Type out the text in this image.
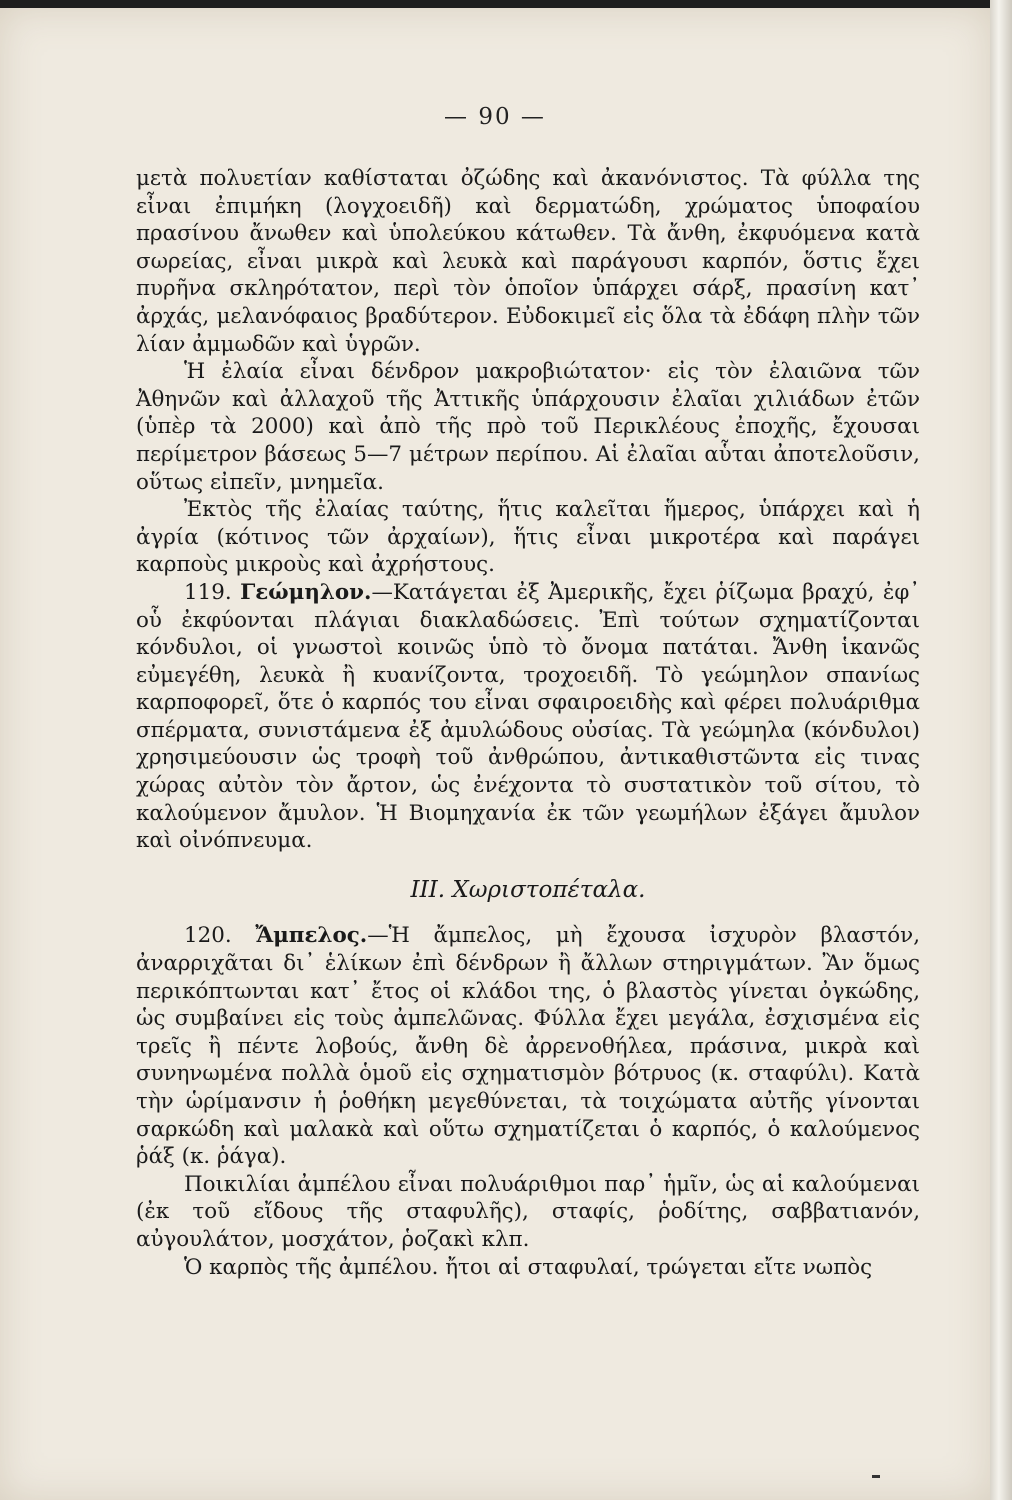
— 90 —

μετὰ πολυετίαν καθίσταται ὀζώδης καὶ ἀκανόνιστος. Τὰ φύλλα της εἶναι ἐπιμήκη (λογχοειδῆ) καὶ δερματώδη, χρώματος ὑποφαίου πρασίνου ἄνωθεν καὶ ὑπολεύκου κάτωθεν. Τὰ ἄνθη, ἐκφυόμενα κατὰ σωρείας, εἶναι μικρὰ καὶ λευκὰ καὶ παράγουσι καρπόν, ὅστις ἔχει πυρῆνα σκληρότατον, περὶ τὸν ὁποῖον ὑπάρχει σάρξ, πρασίνη κατ᾽ ἀρχάς, μελανόφαιος βραδύτερον. Εὐδοκιμεῖ εἰς ὅλα τὰ ἐδάφη πλὴν τῶν λίαν ἀμμωδῶν καὶ ὑγρῶν.

Ἡ ἐλαία εἶναι δένδρον μακροβιώτατον· εἰς τὸν ἐλαιῶνα τῶν Ἀθηνῶν καὶ ἀλλαχοῦ τῆς Ἀττικῆς ὑπάρχουσιν ἐλαῖαι χιλιάδων ἐτῶν (ὑπὲρ τὰ 2000) καὶ ἀπὸ τῆς πρὸ τοῦ Περικλέους ἐποχῆς, ἔχουσαι περίμετρον βάσεως 5—7 μέτρων περίπου. Αἱ ἐλαῖαι αὗται ἀποτελοῦσιν, οὕτως εἰπεῖν, μνημεῖα.

Ἐκτὸς τῆς ἐλαίας ταύτης, ἥτις καλεῖται ἥμερος, ὑπάρχει καὶ ἡ ἀγρία (κότινος τῶν ἀρχαίων), ἥτις εἶναι μικροτέρα καὶ παράγει καρποὺς μικροὺς καὶ ἀχρήστους.

119. Γεώμηλον.—Κατάγεται ἐξ Ἀμερικῆς, ἔχει ῥίζωμα βραχύ, ἐφ᾽ οὗ ἐκφύονται πλάγιαι διακλαδώσεις. Ἐπὶ τούτων σχηματίζονται κόνδυλοι, οἱ γνωστοὶ κοινῶς ὑπὸ τὸ ὄνομα πατάται. Ἄνθη ἱκανῶς εὐμεγέθη, λευκὰ ἢ κυανίζοντα, τροχοειδῆ. Τὸ γεώμηλον σπανίως καρποφορεῖ, ὅτε ὁ καρπός του εἶναι σφαιροειδὴς καὶ φέρει πολυάριθμα σπέρματα, συνιστάμενα ἐξ ἀμυλώδους οὐσίας. Τὰ γεώμηλα (κόνδυλοι) χρησιμεύουσιν ὡς τροφὴ τοῦ ἀνθρώπου, ἀντικαθιστῶντα εἰς τινας χώρας αὐτὸν τὸν ἄρτον, ὡς ἐνέχοντα τὸ συστατικὸν τοῦ σίτου, τὸ καλούμενον ἄμυλον. Ἡ Βιομηχανία ἐκ τῶν γεωμήλων ἐξάγει ἄμυλον καὶ οἰνόπνευμα.

III. Χωριστοπέταλα.

120. Ἄμπελος.—Ἡ ἄμπελος, μὴ ἔχουσα ἰσχυρὸν βλαστόν, ἀναρριχᾶται δι᾽ ἑλίκων ἐπὶ δένδρων ἢ ἄλλων στηριγμάτων. Ἂν ὅμως περικόπτωνται κατ᾽ ἔτος οἱ κλάδοι της, ὁ βλαστὸς γίνεται ὀγκώδης, ὡς συμβαίνει εἰς τοὺς ἀμπελῶνας. Φύλλα ἔχει μεγάλα, ἐσχισμένα εἰς τρεῖς ἢ πέντε λοβούς, ἄνθη δὲ ἀρρενοθήλεα, πράσινα, μικρὰ καὶ συνηνωμένα πολλὰ ὁμοῦ εἰς σχηματισμὸν βότρυος (κ. σταφύλι). Κατὰ τὴν ὡρίμανσιν ἡ ῥοθήκη μεγεθύνεται, τὰ τοιχώματα αὐτῆς γίνονται σαρκώδη καὶ μαλακὰ καὶ οὕτω σχηματίζεται ὁ καρπός, ὁ καλούμενος ῥάξ (κ. ῥάγα).

Ποικιλίαι ἀμπέλου εἶναι πολυάριθμοι παρ᾽ ἡμῖν, ὡς αἱ καλούμεναι (ἐκ τοῦ εἴδους τῆς σταφυλῆς), σταφίς, ῥοδίτης, σαββατιανόν, αὐγουλάτον, μοσχάτον, ῥοζακὶ κλπ.

Ὁ καρπὸς τῆς ἀμπέλου. ἤτοι αἱ σταφυλαί, τρώγεται εἴτε νωπὸς
